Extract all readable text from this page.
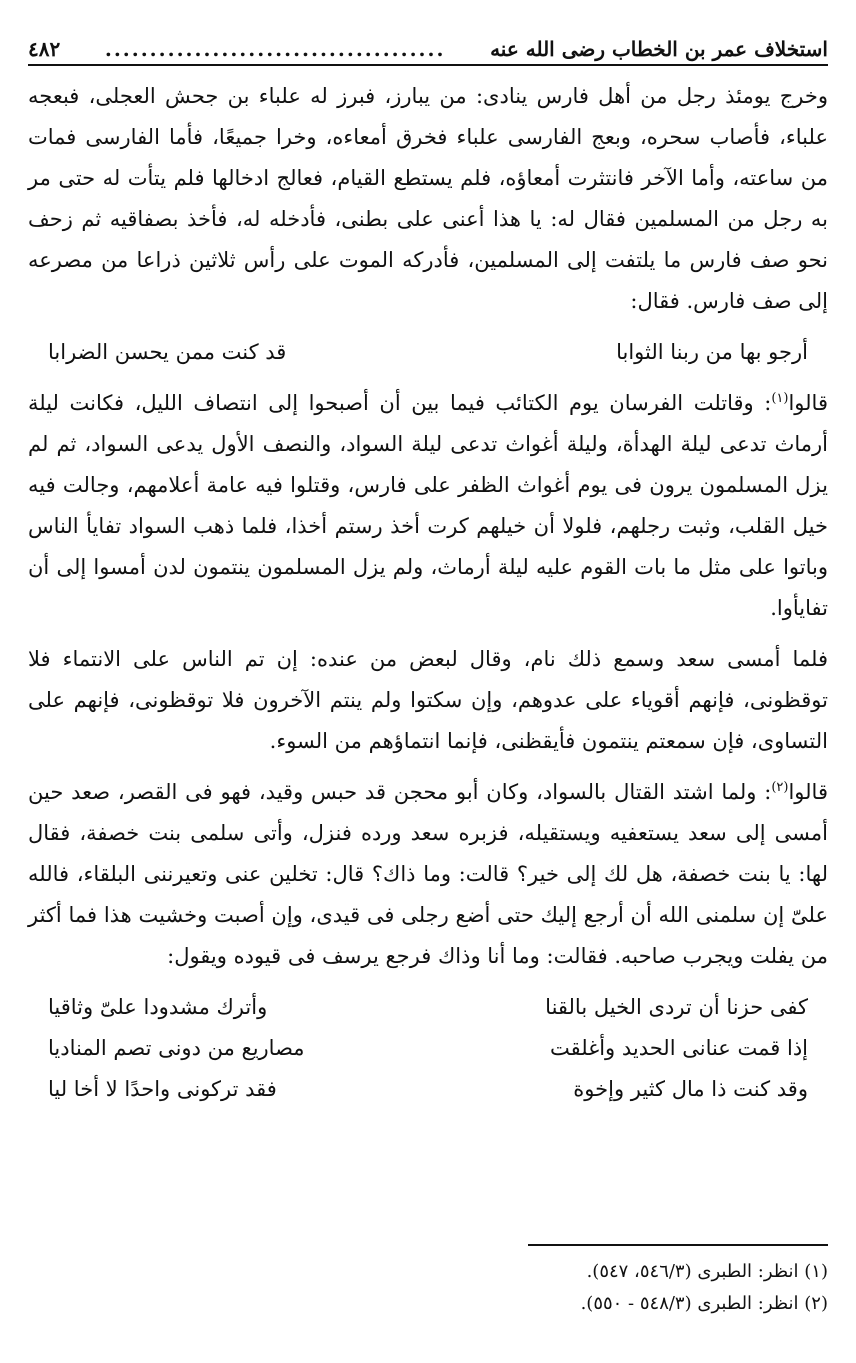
استخلاف عمر بن الخطاب رضى الله عنه
......................................
٤٨٢

وخرج يومئذ رجل من أهل فارس ينادى: من يبارز، فبرز له علباء بن جحش العجلى، فبعجه علباء، فأصاب سحره، وبعج الفارسى علباء فخرق أمعاءه، وخرا جميعًا، فأما الفارسى فمات من ساعته، وأما الآخر فانتثرت أمعاؤه، فلم يستطع القيام، فعالج ادخالها فلم يتأت له حتى مر به رجل من المسلمين فقال له: يا هذا أعنى على بطنى، فأدخله له، فأخذ بصفاقيه ثم زحف نحو صف فارس ما يلتفت إلى المسلمين، فأدركه الموت على رأس ثلاثين ذراعا من مصرعه إلى صف فارس. فقال:

أرجو بها من ربنا الثوابا
قد كنت ممن يحسن الضرابا

قالوا$^{(١)}$: وقاتلت الفرسان يوم الكتائب فيما بين أن أصبحوا إلى انتصاف الليل، فكانت ليلة أرماث تدعى ليلة الهدأة، وليلة أغواث تدعى ليلة السواد، والنصف الأول يدعى السواد، ثم لم يزل المسلمون يرون فى يوم أغواث الظفر على فارس، وقتلوا فيه عامة أعلامهم، وجالت فيه خيل القلب، وثبت رجلهم، فلولا أن خيلهم كرت أخذ رستم أخذا، فلما ذهب السواد تفايأ الناس وباتوا على مثل ما بات القوم عليه ليلة أرماث، ولم يزل المسلمون ينتمون لدن أمسوا إلى أن تفايأوا.

فلما أمسى سعد وسمع ذلك نام، وقال لبعض من عنده: إن تم الناس على الانتماء فلا توقظونى، فإنهم أقوياء على عدوهم، وإن سكتوا ولم ينتم الآخرون فلا توقظونى، فإنهم على التساوى، فإن سمعتم ينتمون فأيقظنى، فإنما انتماؤهم من السوء.

قالوا$^{(٢)}$: ولما اشتد القتال بالسواد، وكان أبو محجن قد حبس وقيد، فهو فى القصر، صعد حين أمسى إلى سعد يستعفيه ويستقيله، فزبره سعد ورده فنزل، وأتى سلمى بنت خصفة، فقال لها: يا بنت خصفة، هل لك إلى خير؟ قالت: وما ذاك؟ قال: تخلين عنى وتعيرننى البلقاء، فالله علىّ إن سلمنى الله أن أرجع إليك حتى أضع رجلى فى قيدى، وإن أصبت وخشيت هذا فما أكثر من يفلت ويجرب صاحبه. فقالت: وما أنا وذاك فرجع يرسف فى قيوده ويقول:

كفى حزنا أن تردى الخيل بالقنا
وأترك مشدودا علىّ وثاقيا
إذا قمت عنانى الحديد وأغلقت
مصاريع من دونى تصم المناديا
وقد كنت ذا مال كثير وإخوة
فقد تركونى واحدًا لا أخا ليا
(١) انظر: الطبرى (٥٤٦/٣، ٥٤٧).
(٢) انظر: الطبرى (٥٤٨/٣ - ٥٥٠).
